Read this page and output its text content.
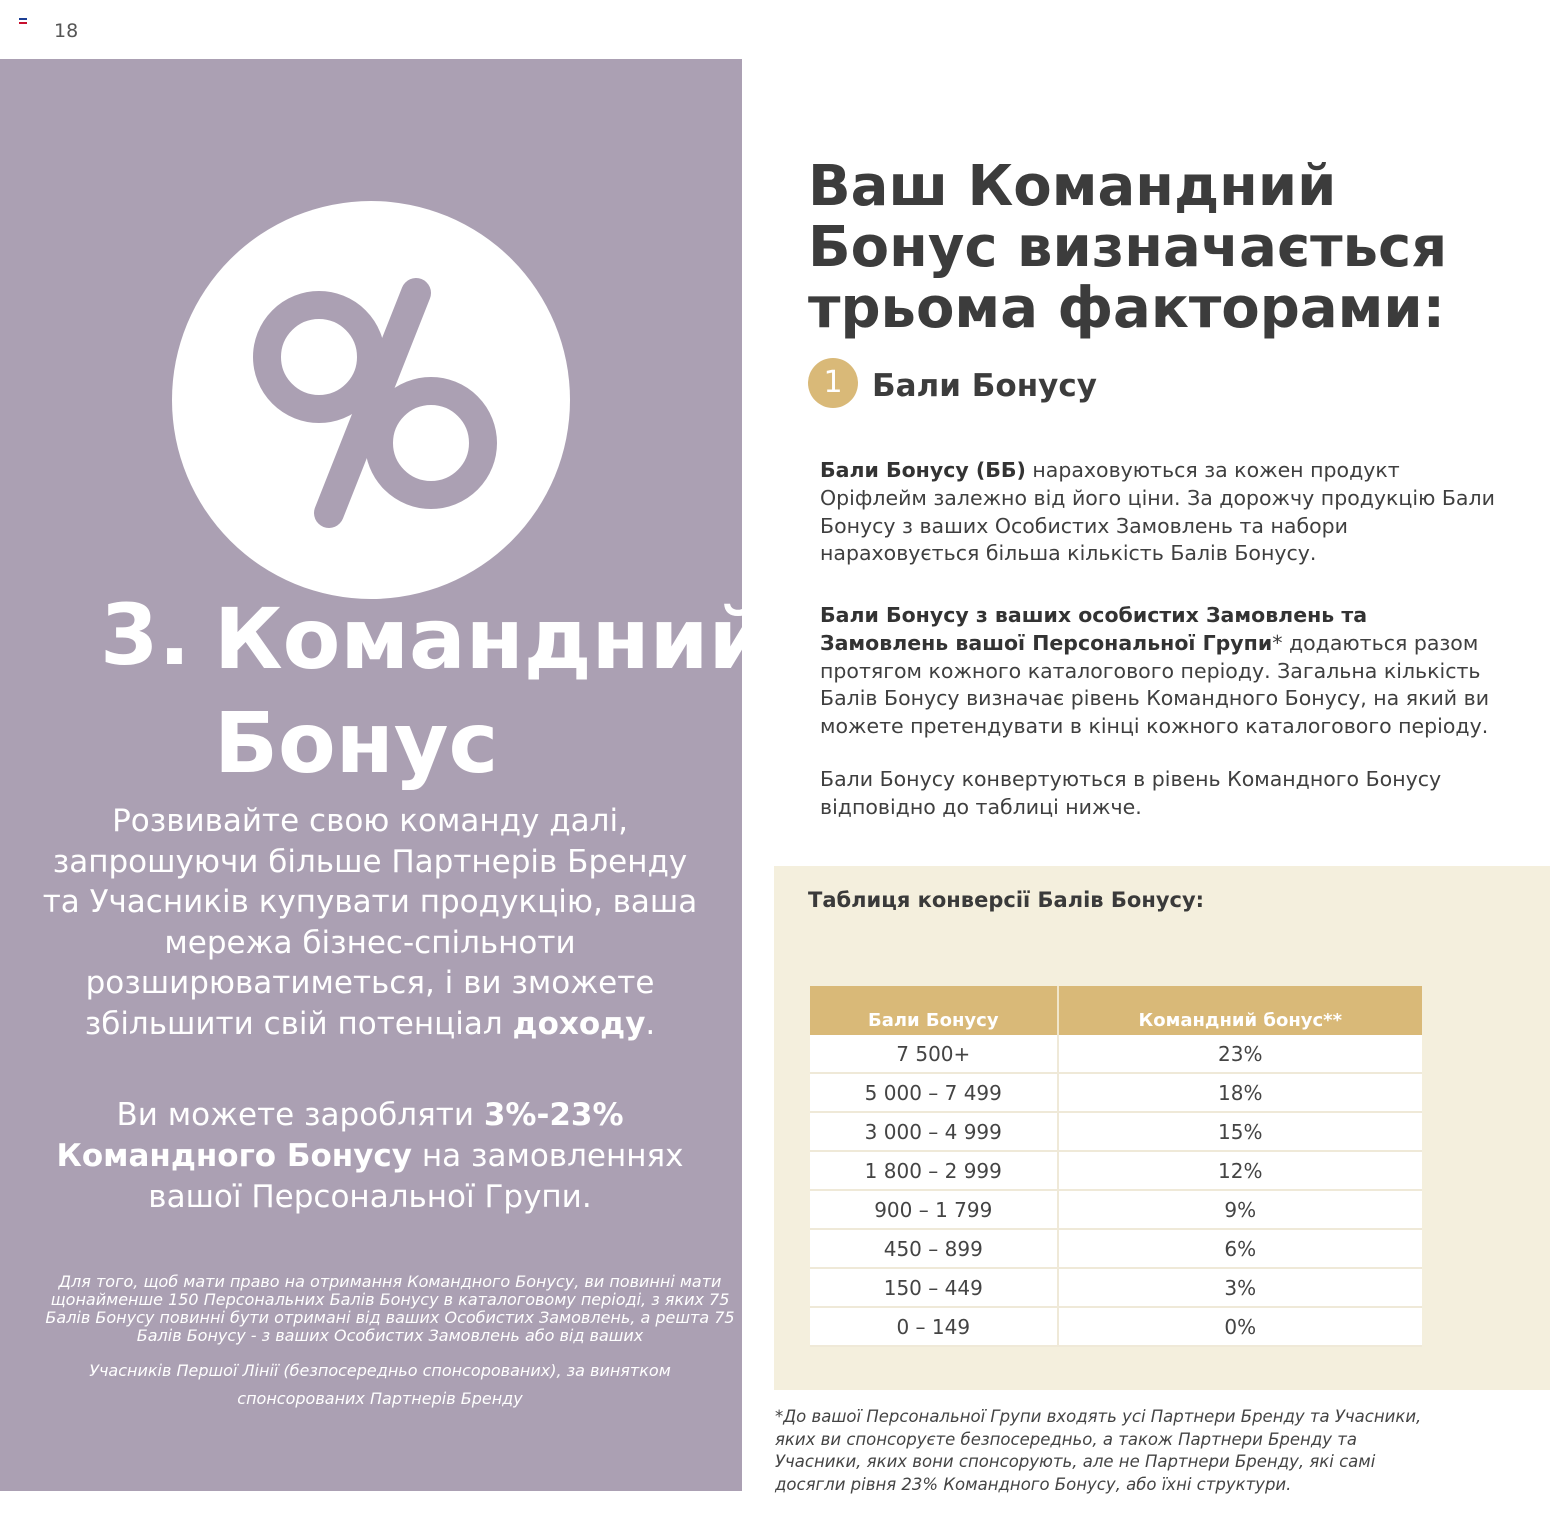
18
3. Командний
Бонус
Розвивайте свою команду далі, запрошуючи більше Партнерів Бренду та Учасників купувати продукцію, ваша мережа бізнес-спільноти розширюватиметься, і ви зможете збільшити свій потенціал доходу.
Ви можете заробляти 3%-23%
Командного Бонусу на замовленнях вашої Персональної Групи.
Для того, щоб мати право на отримання Командного Бонусу, ви повинні мати щонайменше 150 Персональних Балів Бонусу в каталоговому періоді, з яких 75 Балів Бонусу повинні бути отримані від ваших Особистих Замовлень, а решта 75 Балів Бонусу - з ваших Особистих Замовлень або від ваших
Учасників Першої Лінії (безпосередньо спонсорованих), за винятком спонсорованих Партнерів Бренду
Ваш Командний Бонус визначається трьома факторами:
1 Бали Бонусу
Бали Бонусу (ББ) нараховуються за кожен продукт Оріфлейм залежно від його ціни. За дорожчу продукцію Бали Бонусу з ваших Особистих Замовлень та набори нараховується більша кількість Балів Бонусу.
Бали Бонусу з ваших особистих Замовлень та Замовлень вашої Персональної Групи* додаються разом протягом кожного каталогового періоду. Загальна кількість Балів Бонусу визначає рівень Командного Бонусу, на який ви можете претендувати в кінці кожного каталогового періоду.
Бали Бонусу конвертуються в рівень Командного Бонусу відповідно до таблиці нижче.
Таблиця конверсії Балів Бонусу:
Бали Бонусу	Командний бонус**
7 500+	23%
5 000 – 7 499	18%
3 000 – 4 999	15%
1 800 – 2 999	12%
900 – 1 799	9%
450 – 899	6%
150 – 449	3%
0 – 149	0%
*До вашої Персональної Групи входять усі Партнери Бренду та Учасники, яких ви спонсоруєте безпосередньо, а також Партнери Бренду та Учасники, яких вони спонсорують, але не Партнери Бренду, які самі досягли рівня 23% Командного Бонусу, або їхні структури.
